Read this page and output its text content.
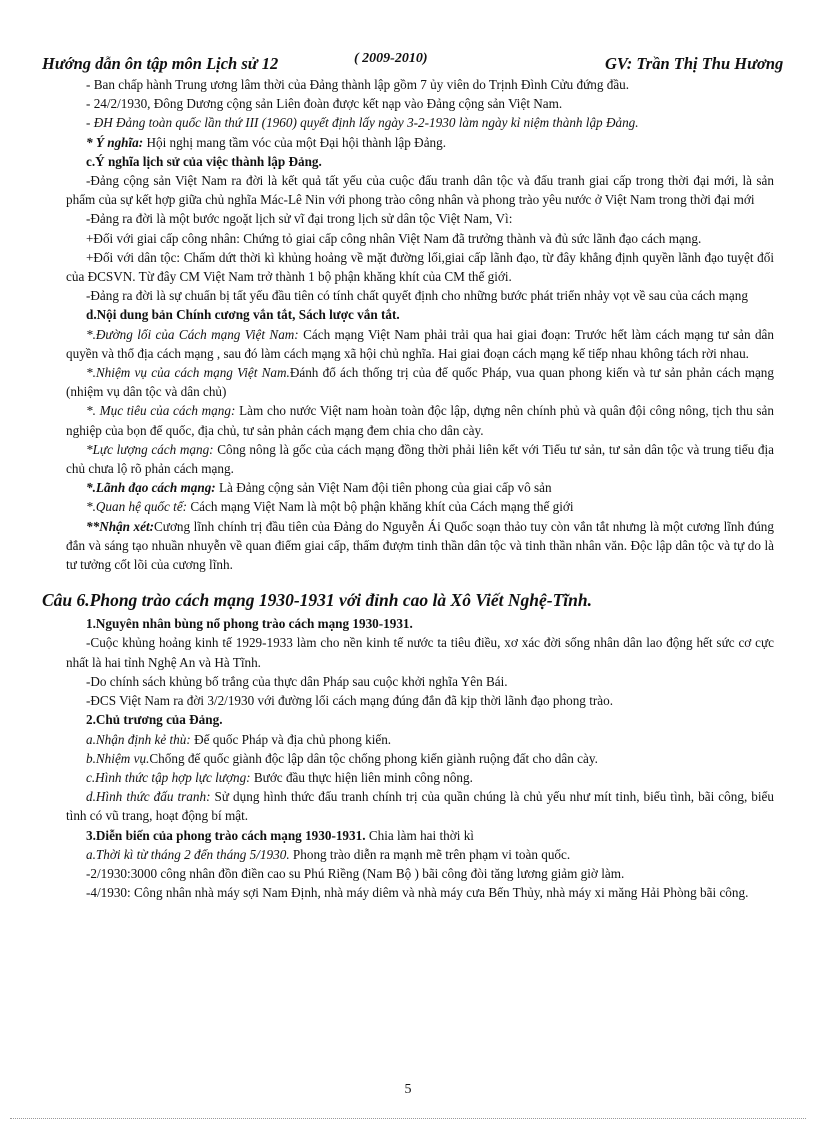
Hướng dẫn ôn tập môn Lịch sử 12	( 2009-2010)	GV: Trần Thị Thu Hương

- Ban chấp hành Trung ương lâm thời của Đảng thành lập gồm 7 ủy viên do Trịnh Đình Cửu đứng đầu.

- 24/2/1930, Đông Dương cộng sản Liên đoàn được kết nạp vào Đảng cộng sản Việt Nam.

- ĐH Đảng toàn quốc lần thứ III (1960) quyết định lấy ngày 3-2-1930 làm ngày kỉ niệm thành lập Đảng.

* Ý nghĩa: Hội nghị mang tầm vóc của một Đại hội thành lập Đảng.

c.Ý nghĩa lịch sử của việc thành lập Đảng.

-Đảng cộng sản Việt Nam ra đời là kết quả tất yếu của cuộc đấu tranh dân tộc và đấu tranh giai cấp trong thời đại mới, là sản phẩm của sự kết hợp giữa chủ nghĩa Mác-Lê Nin với phong trào công nhân và phong trào yêu nước ở Việt Nam trong thời đại mới

-Đảng ra đời là một bước ngoặt lịch sử vĩ đại trong lịch sử dân tộc Việt Nam, Vì:

+Đối với giai cấp công nhân: Chứng tỏ giai cấp công nhân Việt Nam đã trưởng thành và đủ sức lãnh đạo cách mạng.

+Đối với dân tộc: Chấm dứt thời kì khủng hoảng về mặt đường lối,giai cấp lãnh đạo, từ đây khẳng định quyền lãnh đạo tuyệt đối của ĐCSVN. Từ đây CM Việt Nam trở thành 1 bộ phận khăng khít của CM thế giới.

-Đảng ra đời là sự chuẩn bị tất yếu đầu tiên có tính chất quyết định cho những bước phát triển nhảy vọt về sau của cách mạng

d.Nội dung bản Chính cương vắn tắt, Sách lược vắn tắt.

*.Đường lối của Cách mạng Việt Nam: Cách mạng Việt Nam phải trải qua hai giai đoạn: Trước hết làm cách mạng tư sản dân quyền và thổ địa cách mạng , sau đó làm cách mạng xã hội chủ nghĩa. Hai giai đoạn cách mạng kế tiếp nhau không tách rời nhau.

*.Nhiệm vụ của cách mạng Việt Nam.Đánh đổ ách thống trị của đế quốc Pháp, vua quan phong kiến và tư sản phản cách mạng (nhiệm vụ dân tộc và dân chủ)

*. Mục tiêu của cách mạng: Làm cho nước Việt nam hoàn toàn độc lập, dựng nên chính phủ và quân đội công nông, tịch thu sản nghiệp của bọn đế quốc, địa chủ, tư sản phản cách mạng đem chia cho dân cày.

*Lực lượng cách mạng: Công nông là gốc của cách mạng đồng thời phải liên kết với Tiểu tư sản, tư sản dân tộc và trung tiểu địa chủ chưa lộ rõ phản cách mạng.

*.Lãnh đạo cách mạng: Là Đảng cộng sản Việt Nam đội tiên phong của giai cấp vô sản

*.Quan hệ quốc tế: Cách mạng Việt Nam là một bộ phận khăng khít của Cách mạng thế giới

**Nhận xét:Cương lĩnh chính trị đầu tiên của Đảng do Nguyễn Ái Quốc soạn thảo tuy còn vắn tắt nhưng là một cương lĩnh đúng đắn và sáng tạo nhuần nhuyễn về quan điểm giai cấp, thấm đượm tinh thần dân tộc và tinh thần nhân văn. Độc lập dân tộc và tự do là tư tưởng cốt lõi của cương lĩnh.

Câu 6.Phong trào cách mạng 1930-1931 với đỉnh cao là Xô Viết Nghệ-Tĩnh.

1.Nguyên nhân bùng nổ phong trào cách mạng 1930-1931.

-Cuộc khủng hoảng kinh tế 1929-1933 làm cho nền kinh tế nước ta tiêu điều, xơ xác đời sống nhân dân lao động hết sức cơ cực nhất là hai tỉnh Nghệ An và Hà Tĩnh.

-Do chính sách khủng bố trắng của thực dân Pháp sau cuộc khởi nghĩa Yên Bái.

-ĐCS Việt Nam ra đời 3/2/1930 với đường lối cách mạng đúng đắn đã kịp thời lãnh đạo phong trào.

2.Chủ trương của Đảng.

a.Nhận định kẻ thù: Đế quốc Pháp và địa chủ phong kiến.

b.Nhiệm vụ.Chống đế quốc giành độc lập dân tộc chống phong kiến giành ruộng đất cho dân cày.

c.Hình thức tập hợp lực lượng: Bước đầu thực hiện liên minh công nông.

d.Hình thức đấu tranh: Sử dụng hình thức đấu tranh chính trị của quần chúng là chủ yếu như mít tinh, biểu tình, bãi công, biểu tình có vũ trang, hoạt động bí mật.

3.Diễn biến của phong trào cách mạng 1930-1931. Chia làm hai thời kì

a.Thời kì từ tháng 2 đến tháng 5/1930. Phong trào diễn ra mạnh mẽ trên phạm vi toàn quốc.

-2/1930:3000 công nhân đồn điền cao su Phú Riềng (Nam Bộ ) bãi công đòi tăng lương giảm giờ làm.

-4/1930: Công nhân nhà máy sợi Nam Định, nhà máy diêm và nhà máy cưa Bến Thủy, nhà máy xi măng Hải Phòng bãi công.

5
